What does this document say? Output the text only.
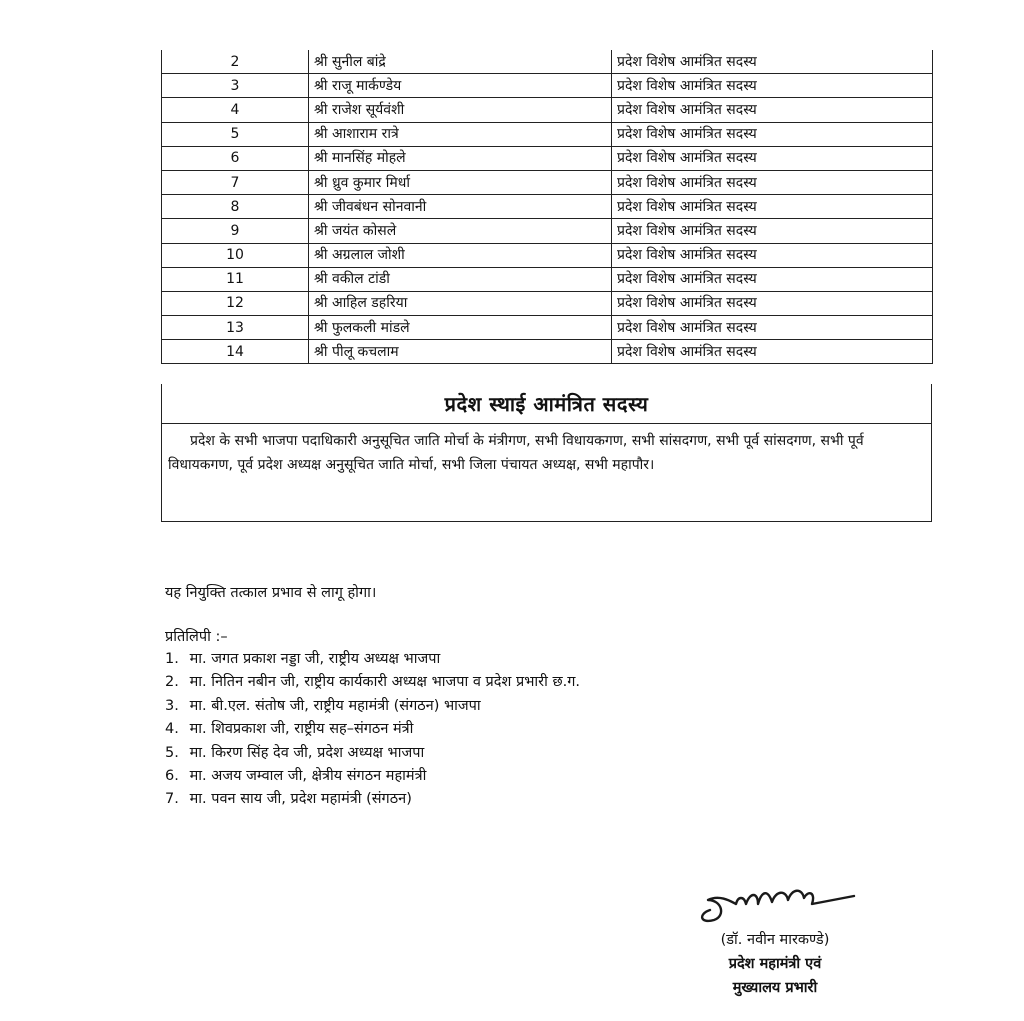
2	श्री सुनील बांद्रे	प्रदेश विशेष आमंत्रित सदस्य
3	श्री राजू मार्कण्डेय	प्रदेश विशेष आमंत्रित सदस्य
4	श्री राजेश सूर्यवंशी	प्रदेश विशेष आमंत्रित सदस्य
5	श्री आशाराम रात्रे	प्रदेश विशेष आमंत्रित सदस्य
6	श्री मानसिंह मोहले	प्रदेश विशेष आमंत्रित सदस्य
7	श्री ध्रुव कुमार मिर्धा	प्रदेश विशेष आमंत्रित सदस्य
8	श्री जीवबंधन सोनवानी	प्रदेश विशेष आमंत्रित सदस्य
9	श्री जयंत कोसले	प्रदेश विशेष आमंत्रित सदस्य
10	श्री अग्रलाल जोशी	प्रदेश विशेष आमंत्रित सदस्य
11	श्री वकील टांडी	प्रदेश विशेष आमंत्रित सदस्य
12	श्री आहिल डहरिया	प्रदेश विशेष आमंत्रित सदस्य
13	श्री फुलकली मांडले	प्रदेश विशेष आमंत्रित सदस्य
14	श्री पीलू कचलाम	प्रदेश विशेष आमंत्रित सदस्य
प्रदेश स्थाई आमंत्रित सदस्य
प्रदेश के सभी भाजपा पदाधिकारी अनुसूचित जाति मोर्चा के मंत्रीगण, सभी विधायकगण, सभी सांसदगण, सभी पूर्व सांसदगण, सभी पूर्व विधायकगण, पूर्व प्रदेश अध्यक्ष अनुसूचित जाति मोर्चा, सभी जिला पंचायत अध्यक्ष, सभी महापौर।
यह नियुक्ति तत्काल प्रभाव से लागू होगा।
प्रतिलिपी :–
1. मा. जगत प्रकाश नड्डा जी, राष्ट्रीय अध्यक्ष भाजपा
2. मा. नितिन नबीन जी, राष्ट्रीय कार्यकारी अध्यक्ष भाजपा व प्रदेश प्रभारी छ.ग.
3. मा. बी.एल. संतोष जी, राष्ट्रीय महामंत्री (संगठन) भाजपा
4. मा. शिवप्रकाश जी, राष्ट्रीय सह–संगठन मंत्री
5. मा. किरण सिंह देव जी, प्रदेश अध्यक्ष भाजपा
6. मा. अजय जम्वाल जी, क्षेत्रीय संगठन महामंत्री
7. मा. पवन साय जी, प्रदेश महामंत्री (संगठन)
(डॉ. नवीन मारकण्डे)
प्रदेश महामंत्री एवं
मुख्यालय प्रभारी
